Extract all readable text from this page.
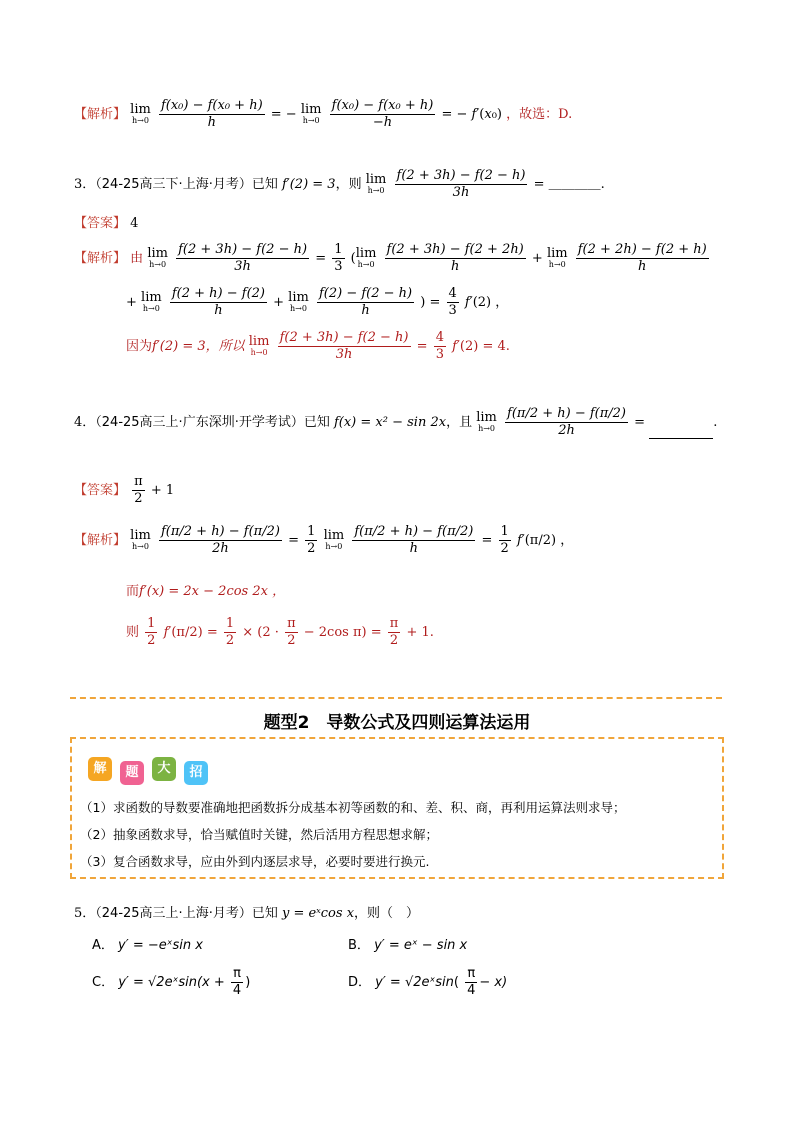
【解析】 lim
h→0
$\frac{\text{f(x₀) − f(x₀ + h)}}{h}$ = − lim
h→0
$\frac{\text{f(x₀) − f(x₀ + h)}}{-h}$ = − f′(x₀) ，故选：D.
3．（24-25高三下·上海·月考）已知 f′(2) = 3，则 lim
h→0
$\frac{f(2 + 3h) - f(2 - h)}{3h}$ = ＿＿＿＿.
【答案】 4
【解析】 由 lim
h→0
$\frac{f(2 + 3h) - f(2 - h)}{3h} = \frac{1}{3}$ ( lim
h→0
$\frac{f(2 + 3h) - f(2 + 2h)}{h} + \lim$
h→0
$\frac{f(2 + 2h) - f(2 + h)}{h}$
+ lim
h→0
$\frac{f(2 + h) - f(2)}{h} + \lim$
h→0
$\frac{f(2) - f(2 - h)}{h}$ ) = $\frac{4}{3} f'(2)$ ，
因为f′(2) = 3，所以 lim
h→0
$\frac{f(2 + 3h) - f(2 - h)}{3h} = \frac{4}{3} f'(2) = 4$.
4．（24-25高三上·广东深圳·开学考试）已知 f(x) = x² − sin 2x，且 lim
h→0
$\frac{f(\pi/2 + h) - f(\pi/2)}{2h}$ =	.
【答案】 $\frac{\pi}{2} + 1$
【解析】 lim
h→0
$\frac{f(\pi/2 + h) - f(\pi/2)}{2h} = \frac{1}{2}$
lim
h→0
$\frac{f(\pi/2 + h) - f(\pi/2)}{h} = \frac{1}{2} f'(\pi/2)$ ，
而f′(x) = 2x − 2cos 2x ，
则 $\frac{1}{2} f'(\pi/2) = \frac{1}{2} \times (2 \cdot \frac{\pi}{2} - 2\cos$ $\pi) = \frac{\pi}{2} + 1$.
题型2　导数公式及四则运算法运用
解	题	大	招
（1）求函数的导数要准确地把函数拆分成基本初等函数的和、差、积、商，再利用运算法则求导；
（2）抽象函数求导，恰当赋值时关键，然后活用方程思想求解；
（3）复合函数求导，应由外到内逐层求导，必要时要进行换元.
5．（24-25高三上·上海·月考）已知 y = eˣcos x，则（　）
A． y′ = −eˣsin x	B． y′ = eˣ − sin x
C． y′ = √2eˣsin(x + $\frac{\pi}{4}$ )	D． y′ = √2eˣsin( $\frac{\pi}{4} - x$)
